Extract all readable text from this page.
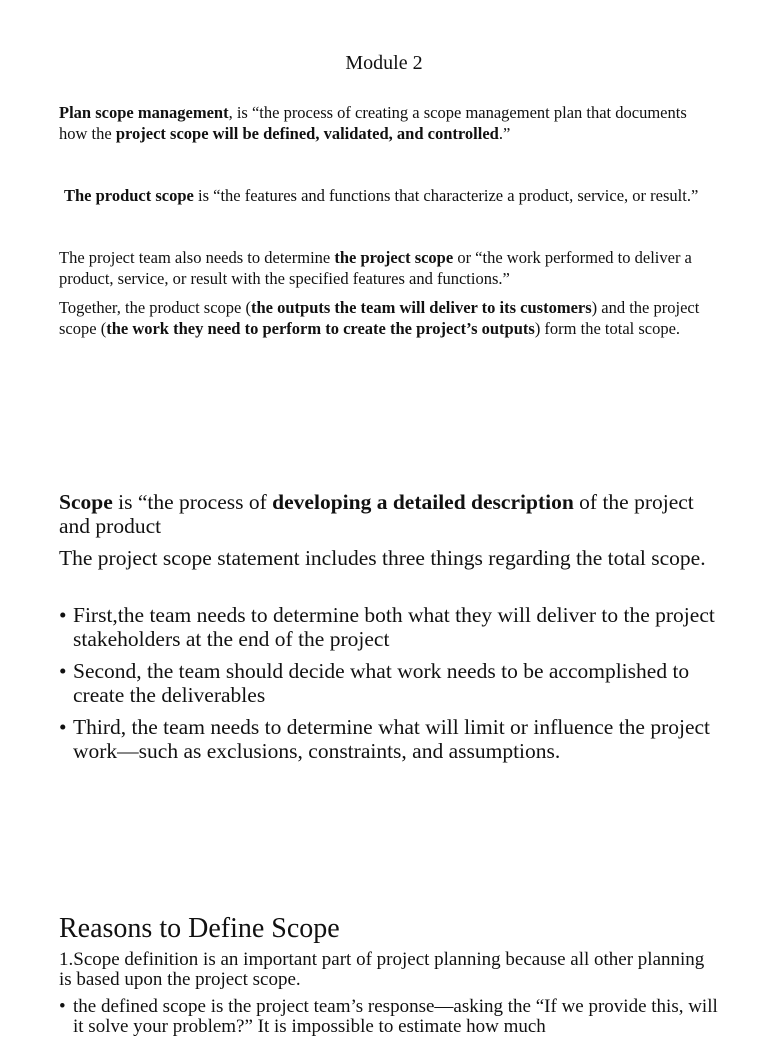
Module 2

Plan scope management, is “the process of creating a scope management plan that documents how the project scope will be defined, validated, and controlled.”

The product scope is “the features and functions that characterize a product, service, or result.”

The project team also needs to determine the project scope or “the work performed to deliver a product, service, or result with the specified features and functions.”

Together, the product scope (the outputs the team will deliver to its customers) and the project scope (the work they need to perform to create the project’s outputs) form the total scope.

Scope is “the process of developing a detailed description of the project and product

The project scope statement includes three things regarding the total scope.

• First,the team needs to determine both what they will deliver to the project stakeholders at the end of the project
• Second, the team should decide what work needs to be accomplished to create the deliverables
• Third, the team needs to determine what will limit or influence the project work—such as exclusions, constraints, and assumptions.
Reasons to Define Scope

1.Scope definition is an important part of project planning because all other planning is based upon the project scope.

• the defined scope is the project team’s response—asking the “If we provide this, will it solve your problem?” It is impossible to estimate how much
